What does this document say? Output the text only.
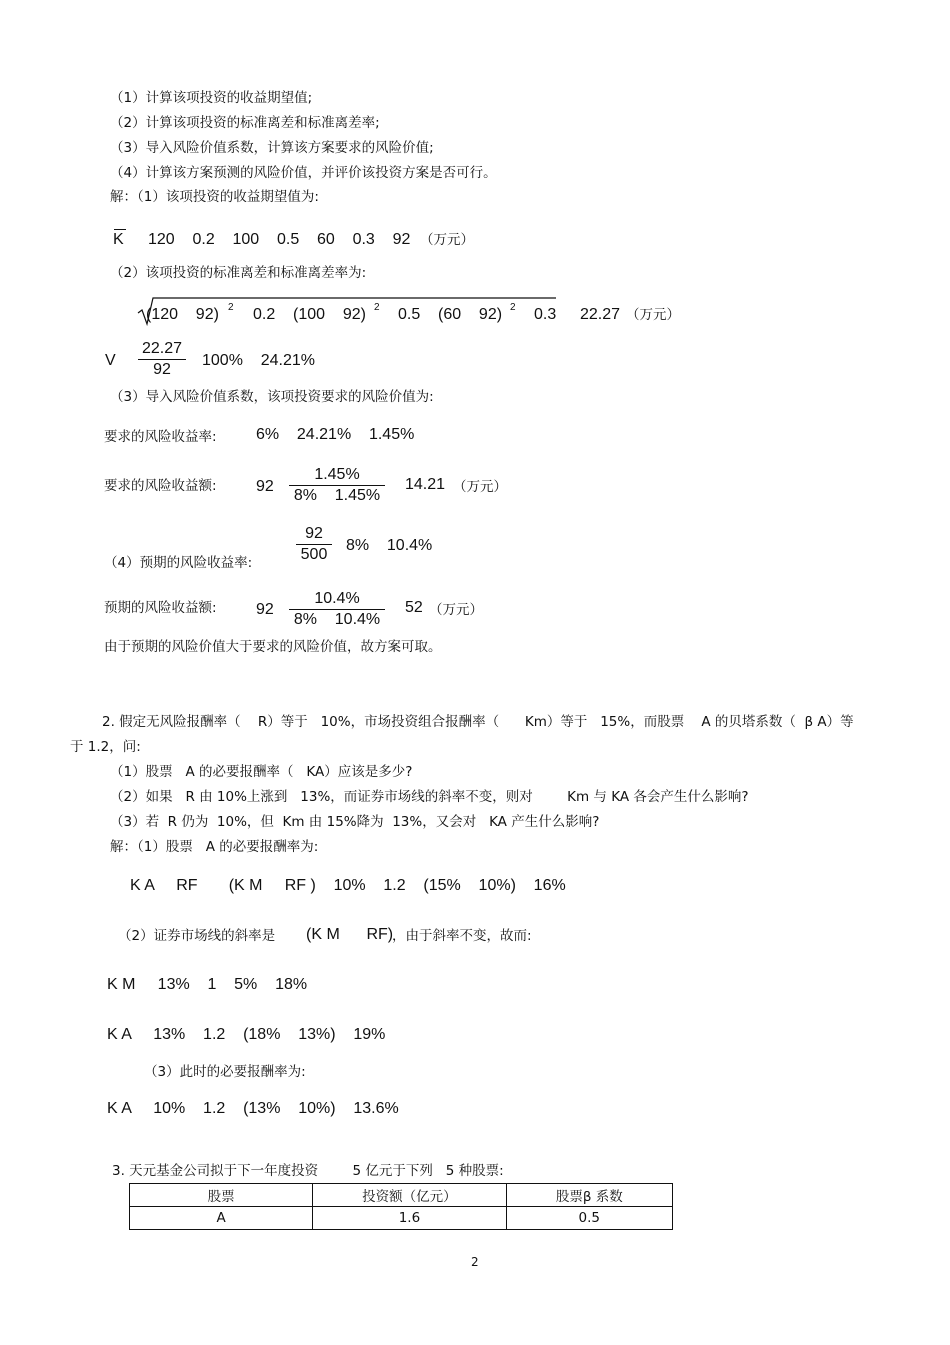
（1）计算该项投资的收益期望值;
（2）计算该项投资的标准离差和标准离差率;
（3）导入风险价值系数，计算该方案要求的风险价值;
（4）计算该方案预测的风险价值，并评价该投资方案是否可行。
解：（1）该项投资的收益期望值为:
K 120    0.2    100    0.5    60    0.3    92 （万元）
（2）该项投资的标准离差和标准离差率为:
(120    92) 2 0.2    (100    92) 2 0.5    (60    92) 2 0.3 22.27 （万元）
V
22.27
92
100%    24.21%
（3）导入风险价值系数，该项投资要求的风险价值为:
要求的风险收益率: 6%    24.21%    1.45%
要求的风险收益额: 92
1.45%
8%    1.45%
14.21 （万元）
92
500
8%    10.4%
（4）预期的风险收益率:
预期的风险收益额: 92
10.4%
8%    10.4%
52 （万元）
由于预期的风险价值大于要求的风险价值，故方案可取。
2. 假定无风险报酬率（    R）等于   10%，市场投资组合报酬率（      Km）等于   15%，而股票    A 的贝塔系数（  β A）等
于 1.2，问:
（1）股票   A 的必要报酬率（   KA）应该是多少?
（2）如果   R 由 10%上涨到   13%，而证券市场线的斜率不变，则对        Km 与 KA 各会产生什么影响?
（3）若  R 仍为  10%，但  Km 由 15%降为  13%，又会对   KA 产生什么影响?
解：（1）股票   A 的必要报酬率为:
K A     RF       (K M     RF )    10%    1.2    (15%    10%)    16%
（2）证券市场线的斜率是 (K M      RF)
，由于斜率不变，故而:
K M     13%    1    5%    18%
K A     13%    1.2    (18%    13%)    19%
（3）此时的必要报酬率为:
K A     10%    1.2    (13%    10%)    13.6%
3. 天元基金公司拟于下一年度投资        5 亿元于下列   5 种股票:
股票	投资额（亿元）	股票β 系数
A	1.6	0.5
2
